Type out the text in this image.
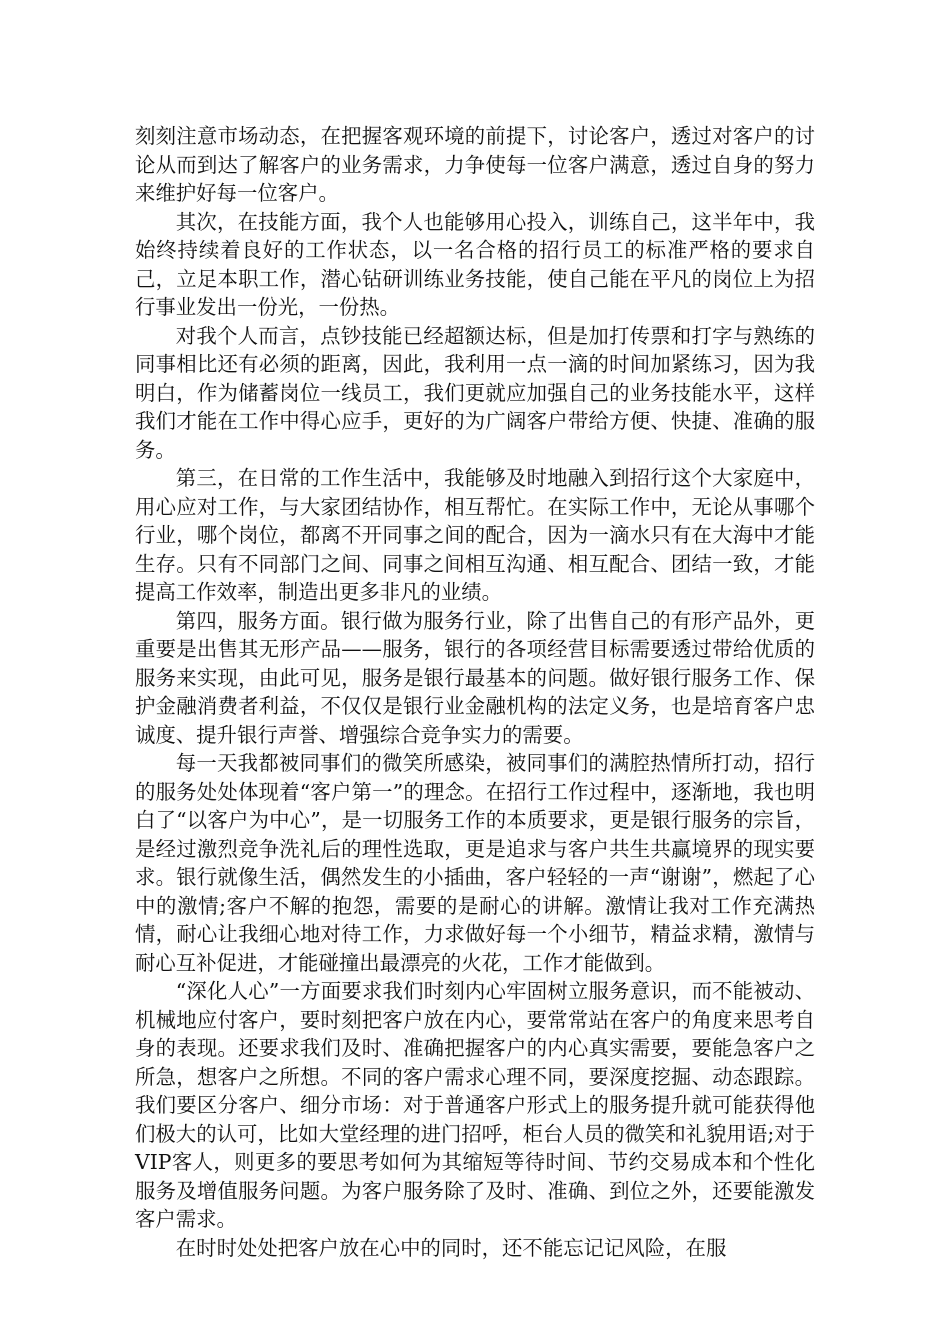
刻刻注意市场动态，在把握客观环境的前提下，讨论客户，透过对客户的讨论从而到达了解客户的业务需求，力争使每一位客户满意，透过自身的努力来维护好每一位客户。

其次，在技能方面，我个人也能够用心投入，训练自己，这半年中，我始终持续着良好的工作状态，以一名合格的招行员工的标准严格的要求自己，立足本职工作，潜心钻研训练业务技能，使自己能在平凡的岗位上为招行事业发出一份光，一份热。

对我个人而言，点钞技能已经超额达标，但是加打传票和打字与熟练的同事相比还有必须的距离，因此，我利用一点一滴的时间加紧练习，因为我明白，作为储蓄岗位一线员工，我们更就应加强自己的业务技能水平，这样我们才能在工作中得心应手，更好的为广阔客户带给方便、快捷、准确的服务。

第三，在日常的工作生活中，我能够及时地融入到招行这个大家庭中，用心应对工作，与大家团结协作，相互帮忙。在实际工作中，无论从事哪个行业，哪个岗位，都离不开同事之间的配合，因为一滴水只有在大海中才能生存。只有不同部门之间、同事之间相互沟通、相互配合、团结一致，才能提高工作效率，制造出更多非凡的业绩。

第四，服务方面。银行做为服务行业，除了出售自己的有形产品外，更重要是出售其无形产品——服务，银行的各项经营目标需要透过带给优质的服务来实现，由此可见，服务是银行最基本的问题。做好银行服务工作、保护金融消费者利益，不仅仅是银行业金融机构的法定义务，也是培育客户忠诚度、提升银行声誉、增强综合竞争实力的需要。

每一天我都被同事们的微笑所感染，被同事们的满腔热情所打动，招行的服务处处体现着“客户第一”的理念。在招行工作过程中，逐渐地，我也明白了“以客户为中心”，是一切服务工作的本质要求，更是银行服务的宗旨，是经过激烈竞争洗礼后的理性选取，更是追求与客户共生共赢境界的现实要求。银行就像生活，偶然发生的小插曲，客户轻轻的一声“谢谢”，燃起了心中的激情;客户不解的抱怨，需要的是耐心的讲解。激情让我对工作充满热情，耐心让我细心地对待工作，力求做好每一个小细节，精益求精，激情与耐心互补促进，才能碰撞出最漂亮的火花，工作才能做到。

“深化人心”一方面要求我们时刻内心牢固树立服务意识，而不能被动、机械地应付客户，要时刻把客户放在内心，要常常站在客户的角度来思考自身的表现。还要求我们及时、准确把握客户的内心真实需要，要能急客户之所急，想客户之所想。不同的客户需求心理不同，要深度挖掘、动态跟踪。我们要区分客户、细分市场：对于普通客户形式上的服务提升就可能获得他们极大的认可，比如大堂经理的进门招呼，柜台人员的微笑和礼貌用语;对于VIP客人，则更多的要思考如何为其缩短等待时间、节约交易成本和个性化服务及增值服务问题。为客户服务除了及时、准确、到位之外，还要能激发客户需求。

在时时处处把客户放在心中的同时，还不能忘记记风险，在服
